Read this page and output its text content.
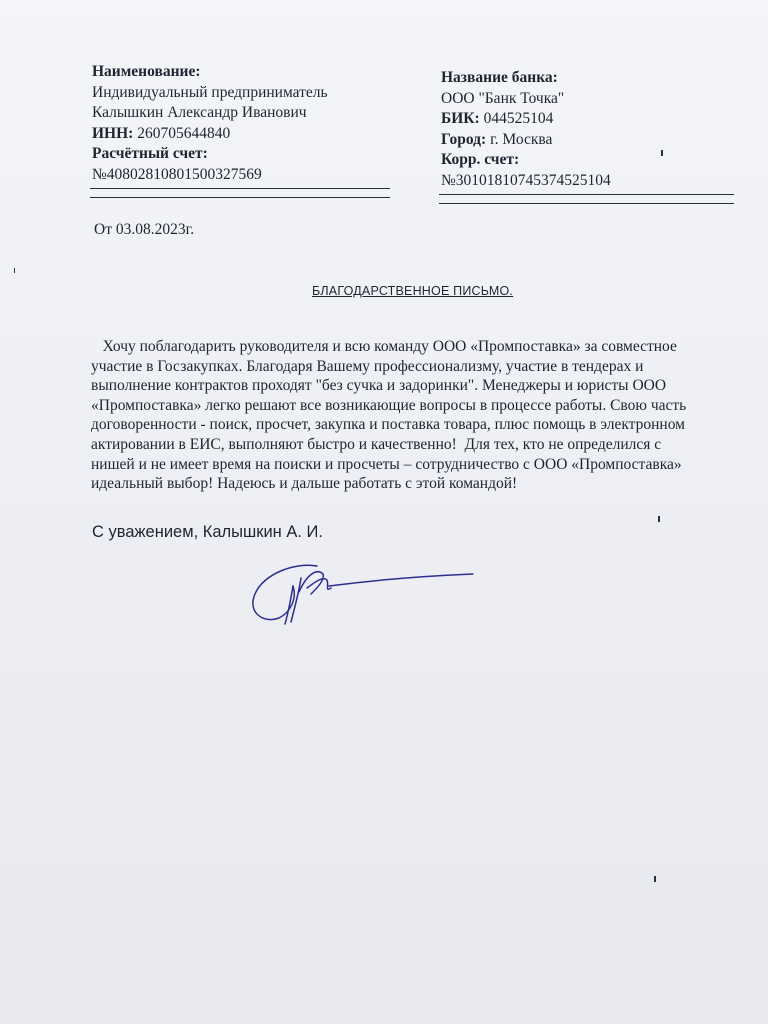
Наименование:
Индивидуальный предприниматель
Калышкин Александр Иванович
ИНН: 260705644840
Расчётный счет:
№40802810801500327569
Название банка:
ООО "Банк Точка"
БИК: 044525104
Город: г. Москва
Корр. счет:
№30101810745374525104
От 03.08.2023г.
БЛАГОДАРСТВЕННОЕ ПИСЬМО.
Хочу поблагодарить руководителя и всю команду ООО «Промпоставка» за совместное
участие в Госзакупках. Благодаря Вашему профессионализму, участие в тендерах и
выполнение контрактов проходят "без сучка и задоринки". Менеджеры и юристы ООО
«Промпоставка» легко решают все возникающие вопросы в процессе работы. Свою часть
договоренности - поиск, просчет, закупка и поставка товара, плюс помощь в электронном
актировании в ЕИС, выполняют быстро и качественно!  Для тех, кто не определился с
нишей и не имеет время на поиски и просчеты – сотрудничество с ООО «Промпоставка»
идеальный выбор! Надеюсь и дальше работать с этой командой!
С уважением, Калышкин А. И.
